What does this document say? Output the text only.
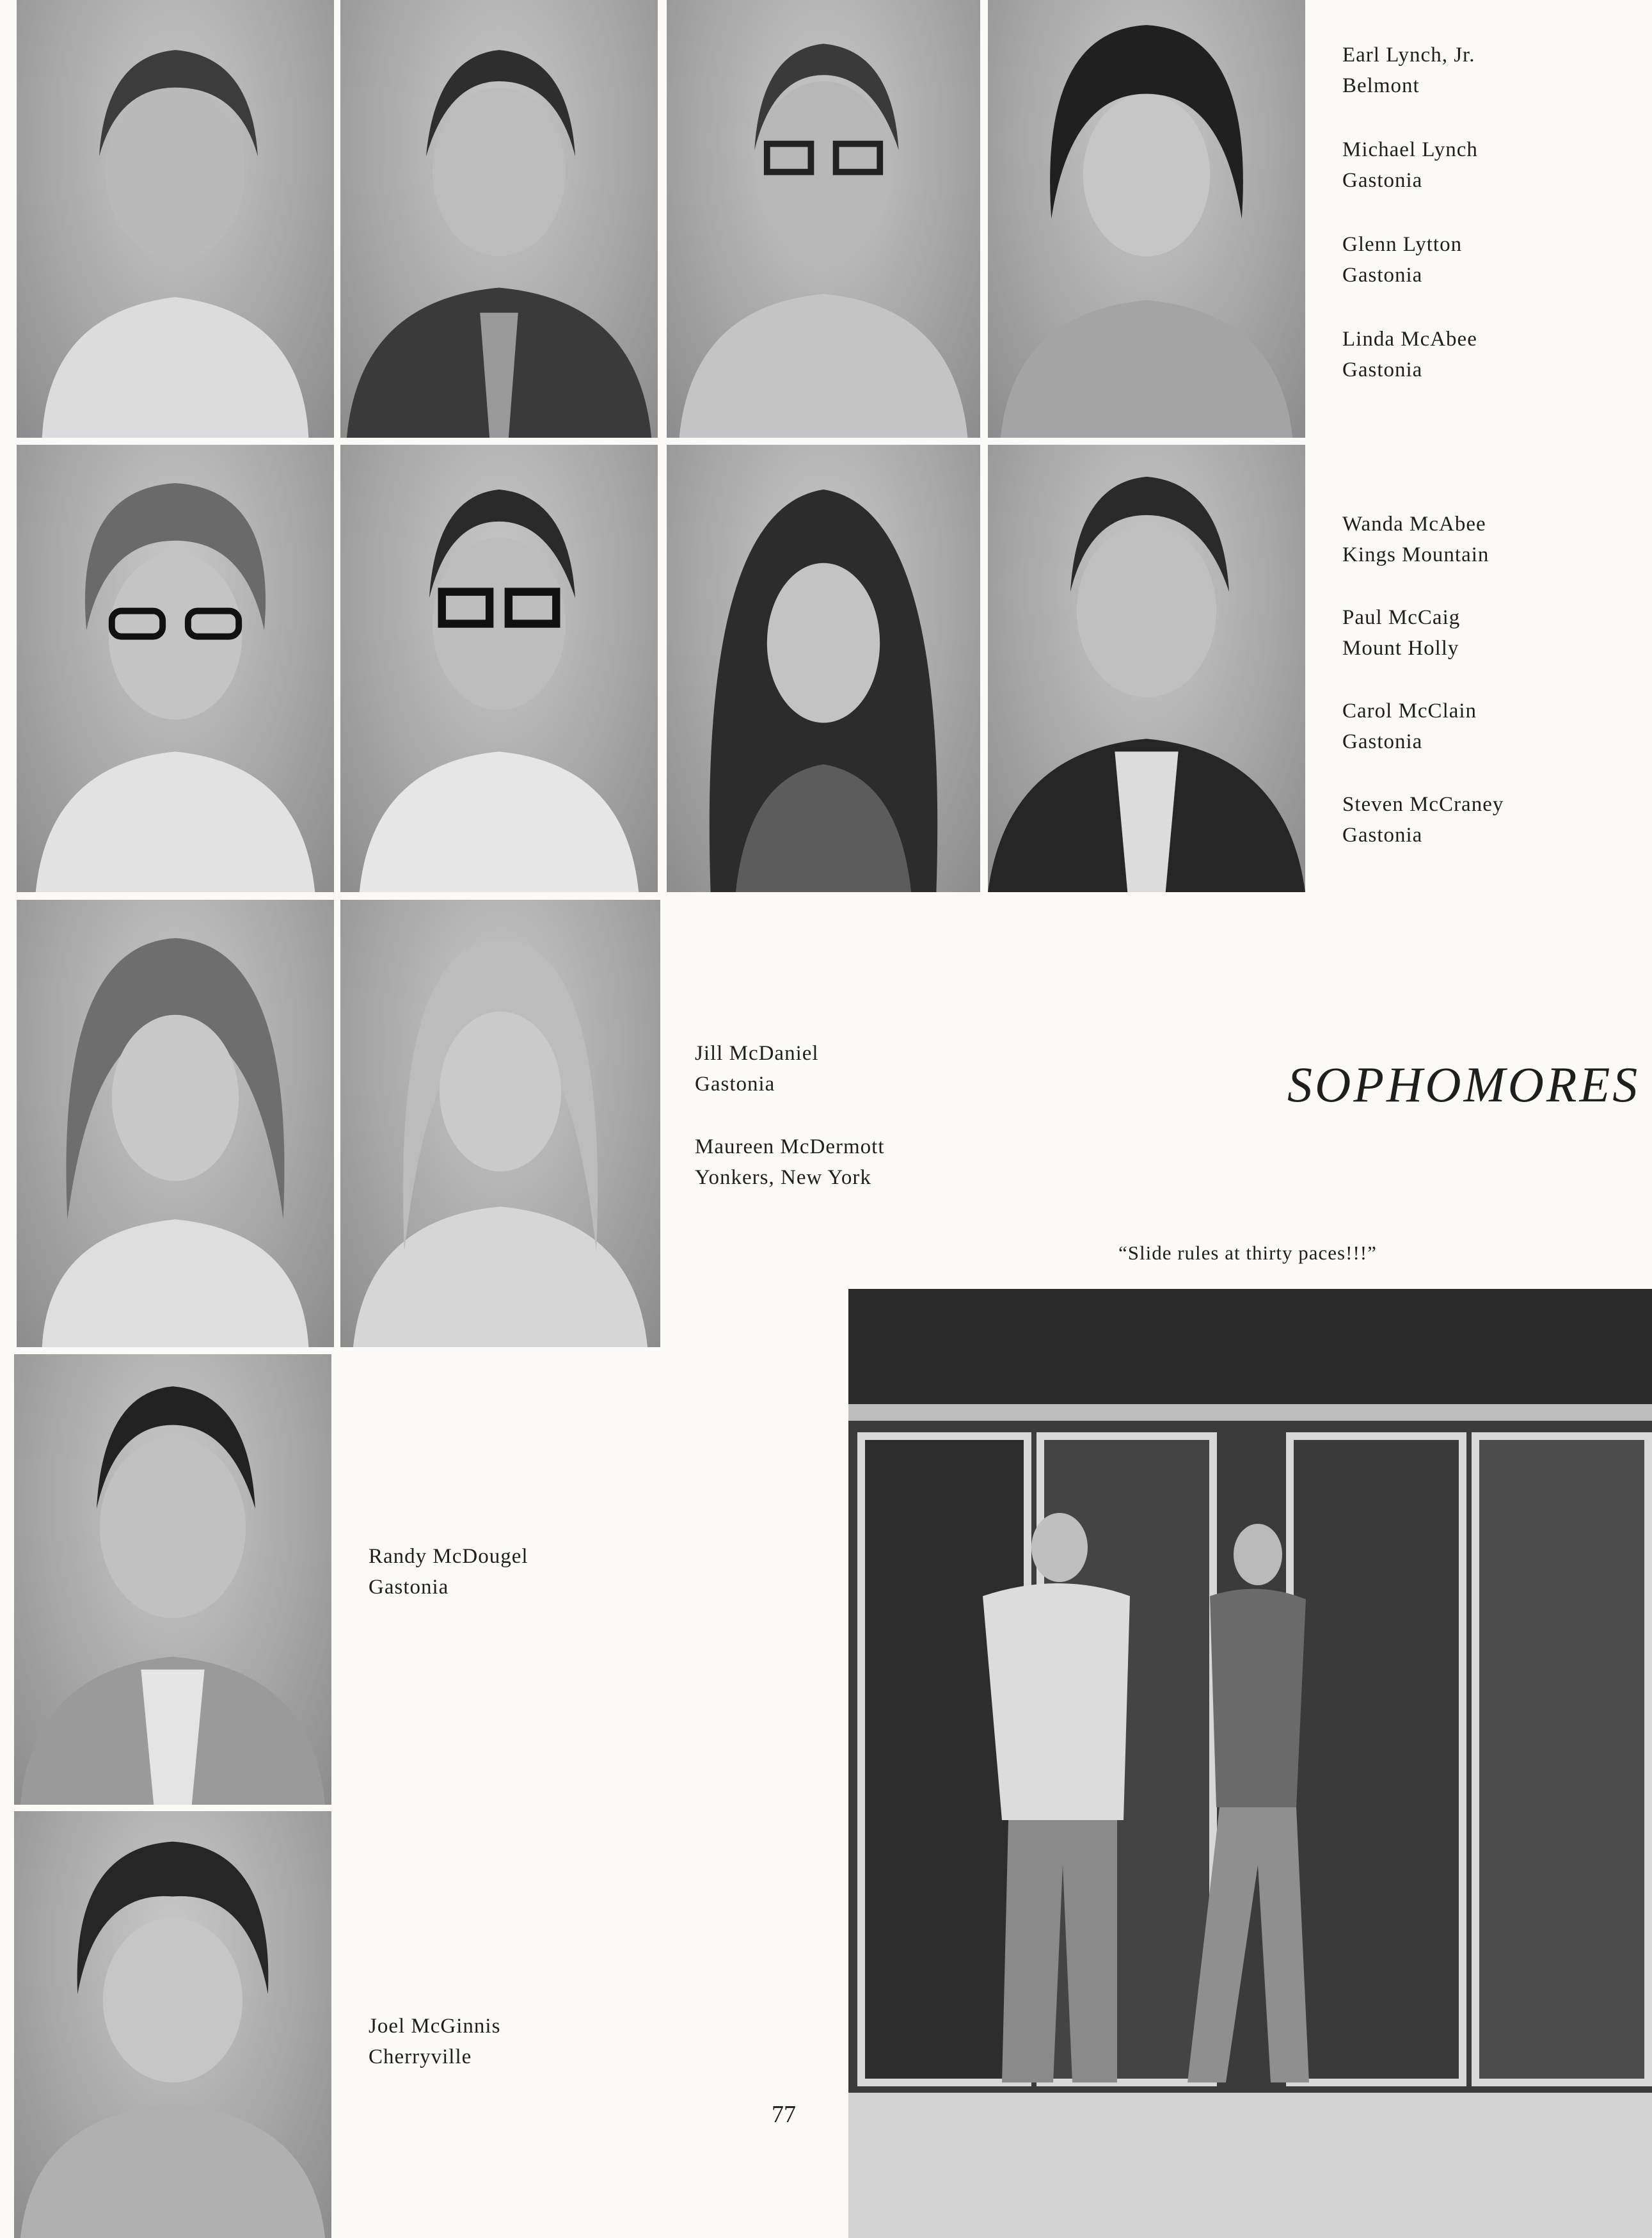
Earl Lynch, Jr.
Belmont
Michael Lynch
Gastonia
Glenn Lytton
Gastonia
Linda McAbee
Gastonia
Wanda McAbee
Kings Mountain
Paul McCaig
Mount Holly
Carol McClain
Gastonia
Steven McCraney
Gastonia
Jill McDaniel
Gastonia
Maureen McDermott
Yonkers, New York
Randy McDougel
Gastonia
Joel McGinnis
Cherryville
SOPHOMORES
“Slide rules at thirty paces!!!”
77
